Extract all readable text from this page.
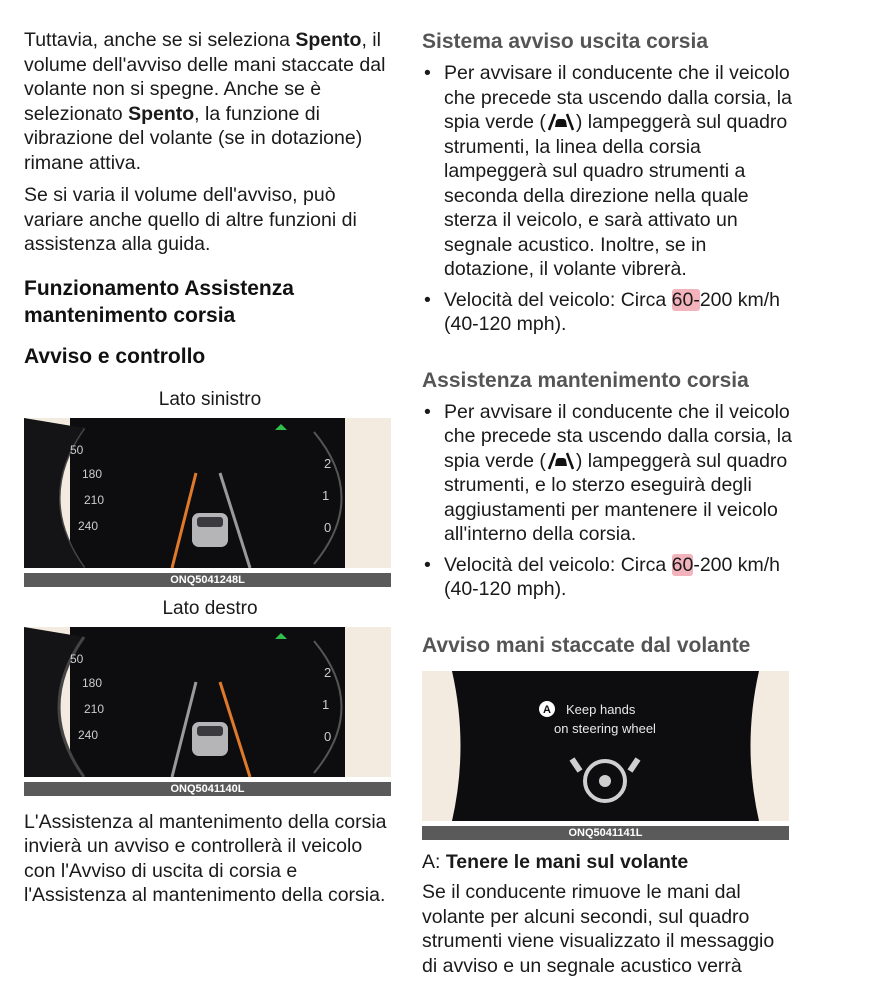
Tuttavia, anche se si seleziona Spento, il volume dell'avviso delle mani staccate dal volante non si spegne. Anche se è selezionato Spento, la funzione di vibrazione del volante (se in dotazione) rimane attiva.

Se si varia il volume dell'avviso, può variare anche quello di altre funzioni di assistenza alla guida.

Funzionamento Assistenza mantenimento corsia
Avviso e controllo
Lato sinistro
50
180
210
240
2
1
0
ONQ5041248L
Lato destro
50
180
210
240
2
1
0
ONQ5041140L

L'Assistenza al mantenimento della corsia invierà un avviso e controllerà il veicolo con l'Avviso di uscita di corsia e l'Assistenza al mantenimento della corsia.

Sistema avviso uscita corsia
• Per avvisare il conducente che il veicolo che precede sta uscendo dalla corsia, la spia verde ( ) lampeggerà sul quadro strumenti, la linea della corsia lampeggerà sul quadro strumenti a seconda della direzione nella quale sterza il veicolo, e sarà attivato un segnale acustico. Inoltre, se in dotazione, il volante vibrerà.
• Velocità del veicolo: Circa 60-200 km/h (40-120 mph).
Assistenza mantenimento corsia
• Per avvisare il conducente che il veicolo che precede sta uscendo dalla corsia, la spia verde ( ) lampeggerà sul quadro strumenti, e lo sterzo eseguirà degli aggiustamenti per mantenere il veicolo all'interno della corsia.
• Velocità del veicolo: Circa 60-200 km/h (40-120 mph).
Avviso mani staccate dal volante
A Keep hands
on steering wheel
ONQ5041141L
A: Tenere le mani sul volante

Se il conducente rimuove le mani dal volante per alcuni secondi, sul quadro strumenti viene visualizzato il messaggio di avviso e un segnale acustico verrà
